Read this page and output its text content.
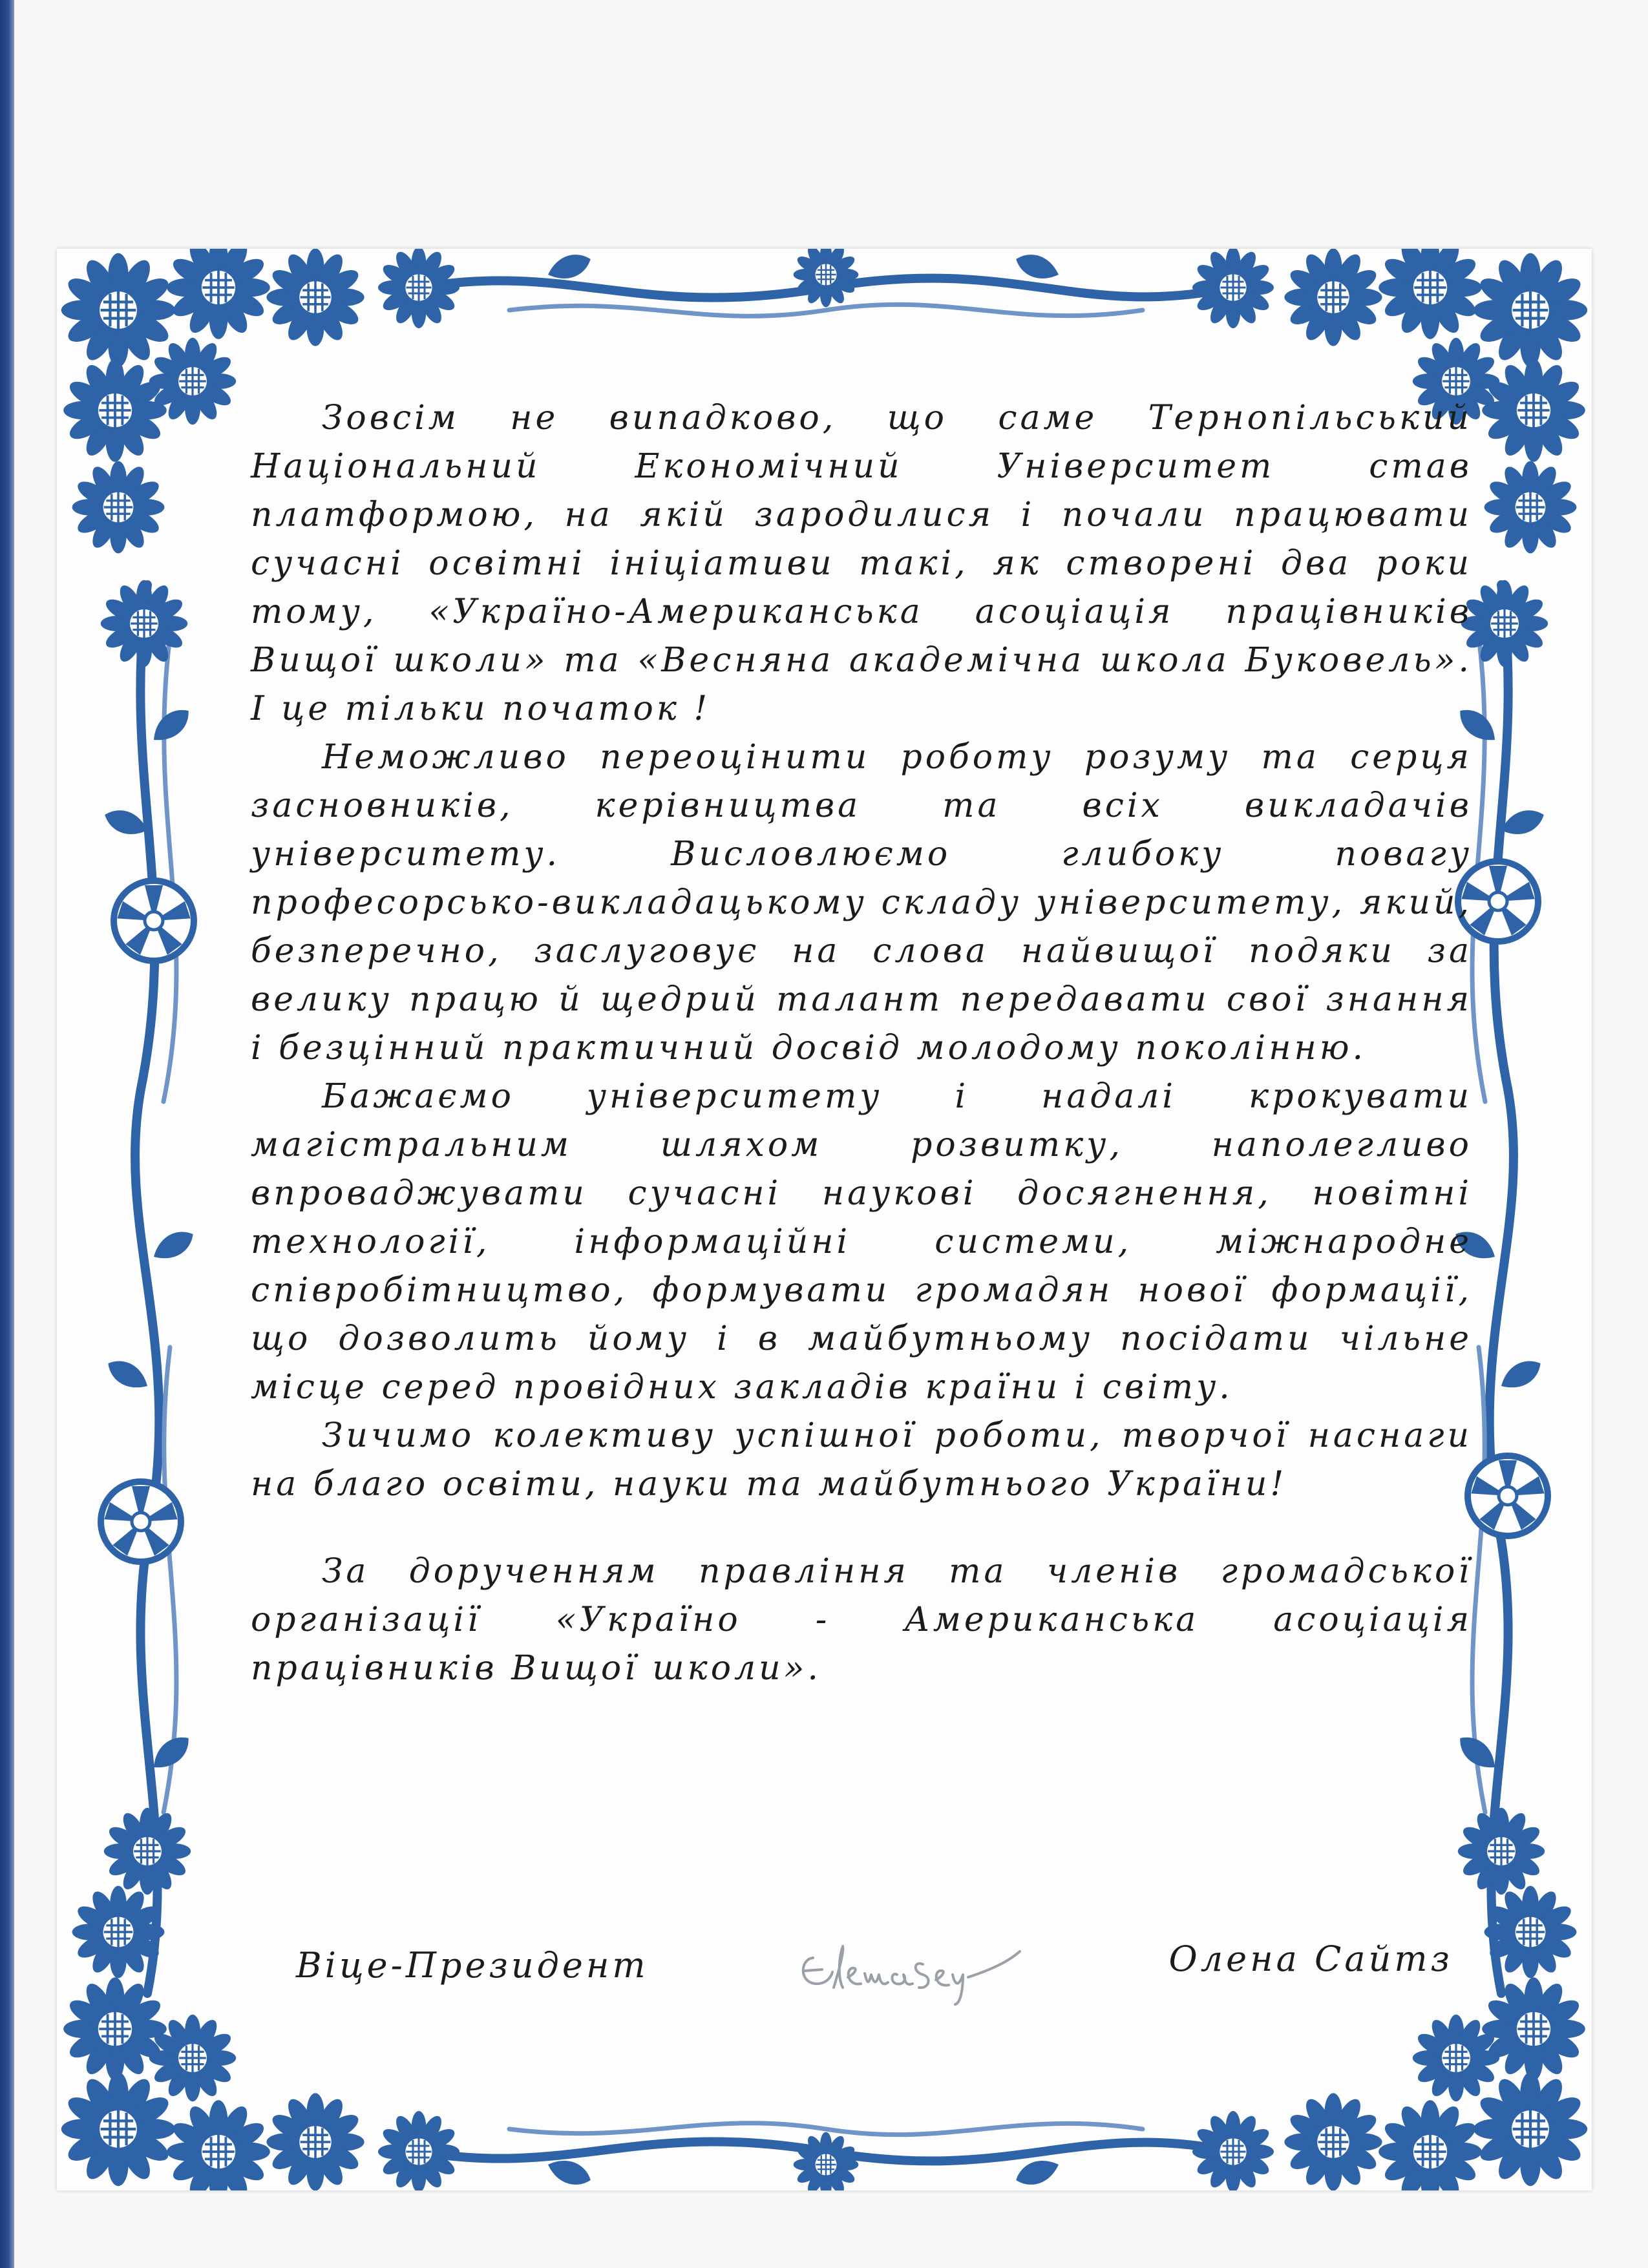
Зовсім не випадково, що саме Тернопільський Національний Економічний Університет став платформою, на якій зародилися і почали працювати сучасні освітні ініціативи такі, як створені два роки тому, «Україно-Американська асоціація працівників Вищої школи» та «Весняна академічна школа Буковель». І це тільки початок !

Неможливо переоцінити роботу розуму та серця засновників, керівництва та всіх викладачів університету. Висловлюємо глибоку повагу професорсько-викладацькому складу університету, який, безперечно, заслуговує на слова найвищої подяки за велику працю й щедрий талант передавати свої знання і безцінний практичний досвід молодому поколінню.

Бажаємо університету і надалі крокувати магістральним шляхом розвитку, наполегливо впроваджувати сучасні наукові досягнення, новітні технології, інформаційні системи, міжнародне співробітництво, формувати громадян нової формації, що дозволить йому і в майбутньому посідати чільне місце серед провідних закладів країни і світу.

Зичимо колективу успішної роботи, творчої наснаги на благо освіти, науки та майбутнього України!

За дорученням правління та членів громадської організації «Україно - Американська асоціація працівників Вищої школи».

Віце-Президент	Олена Сайтз
